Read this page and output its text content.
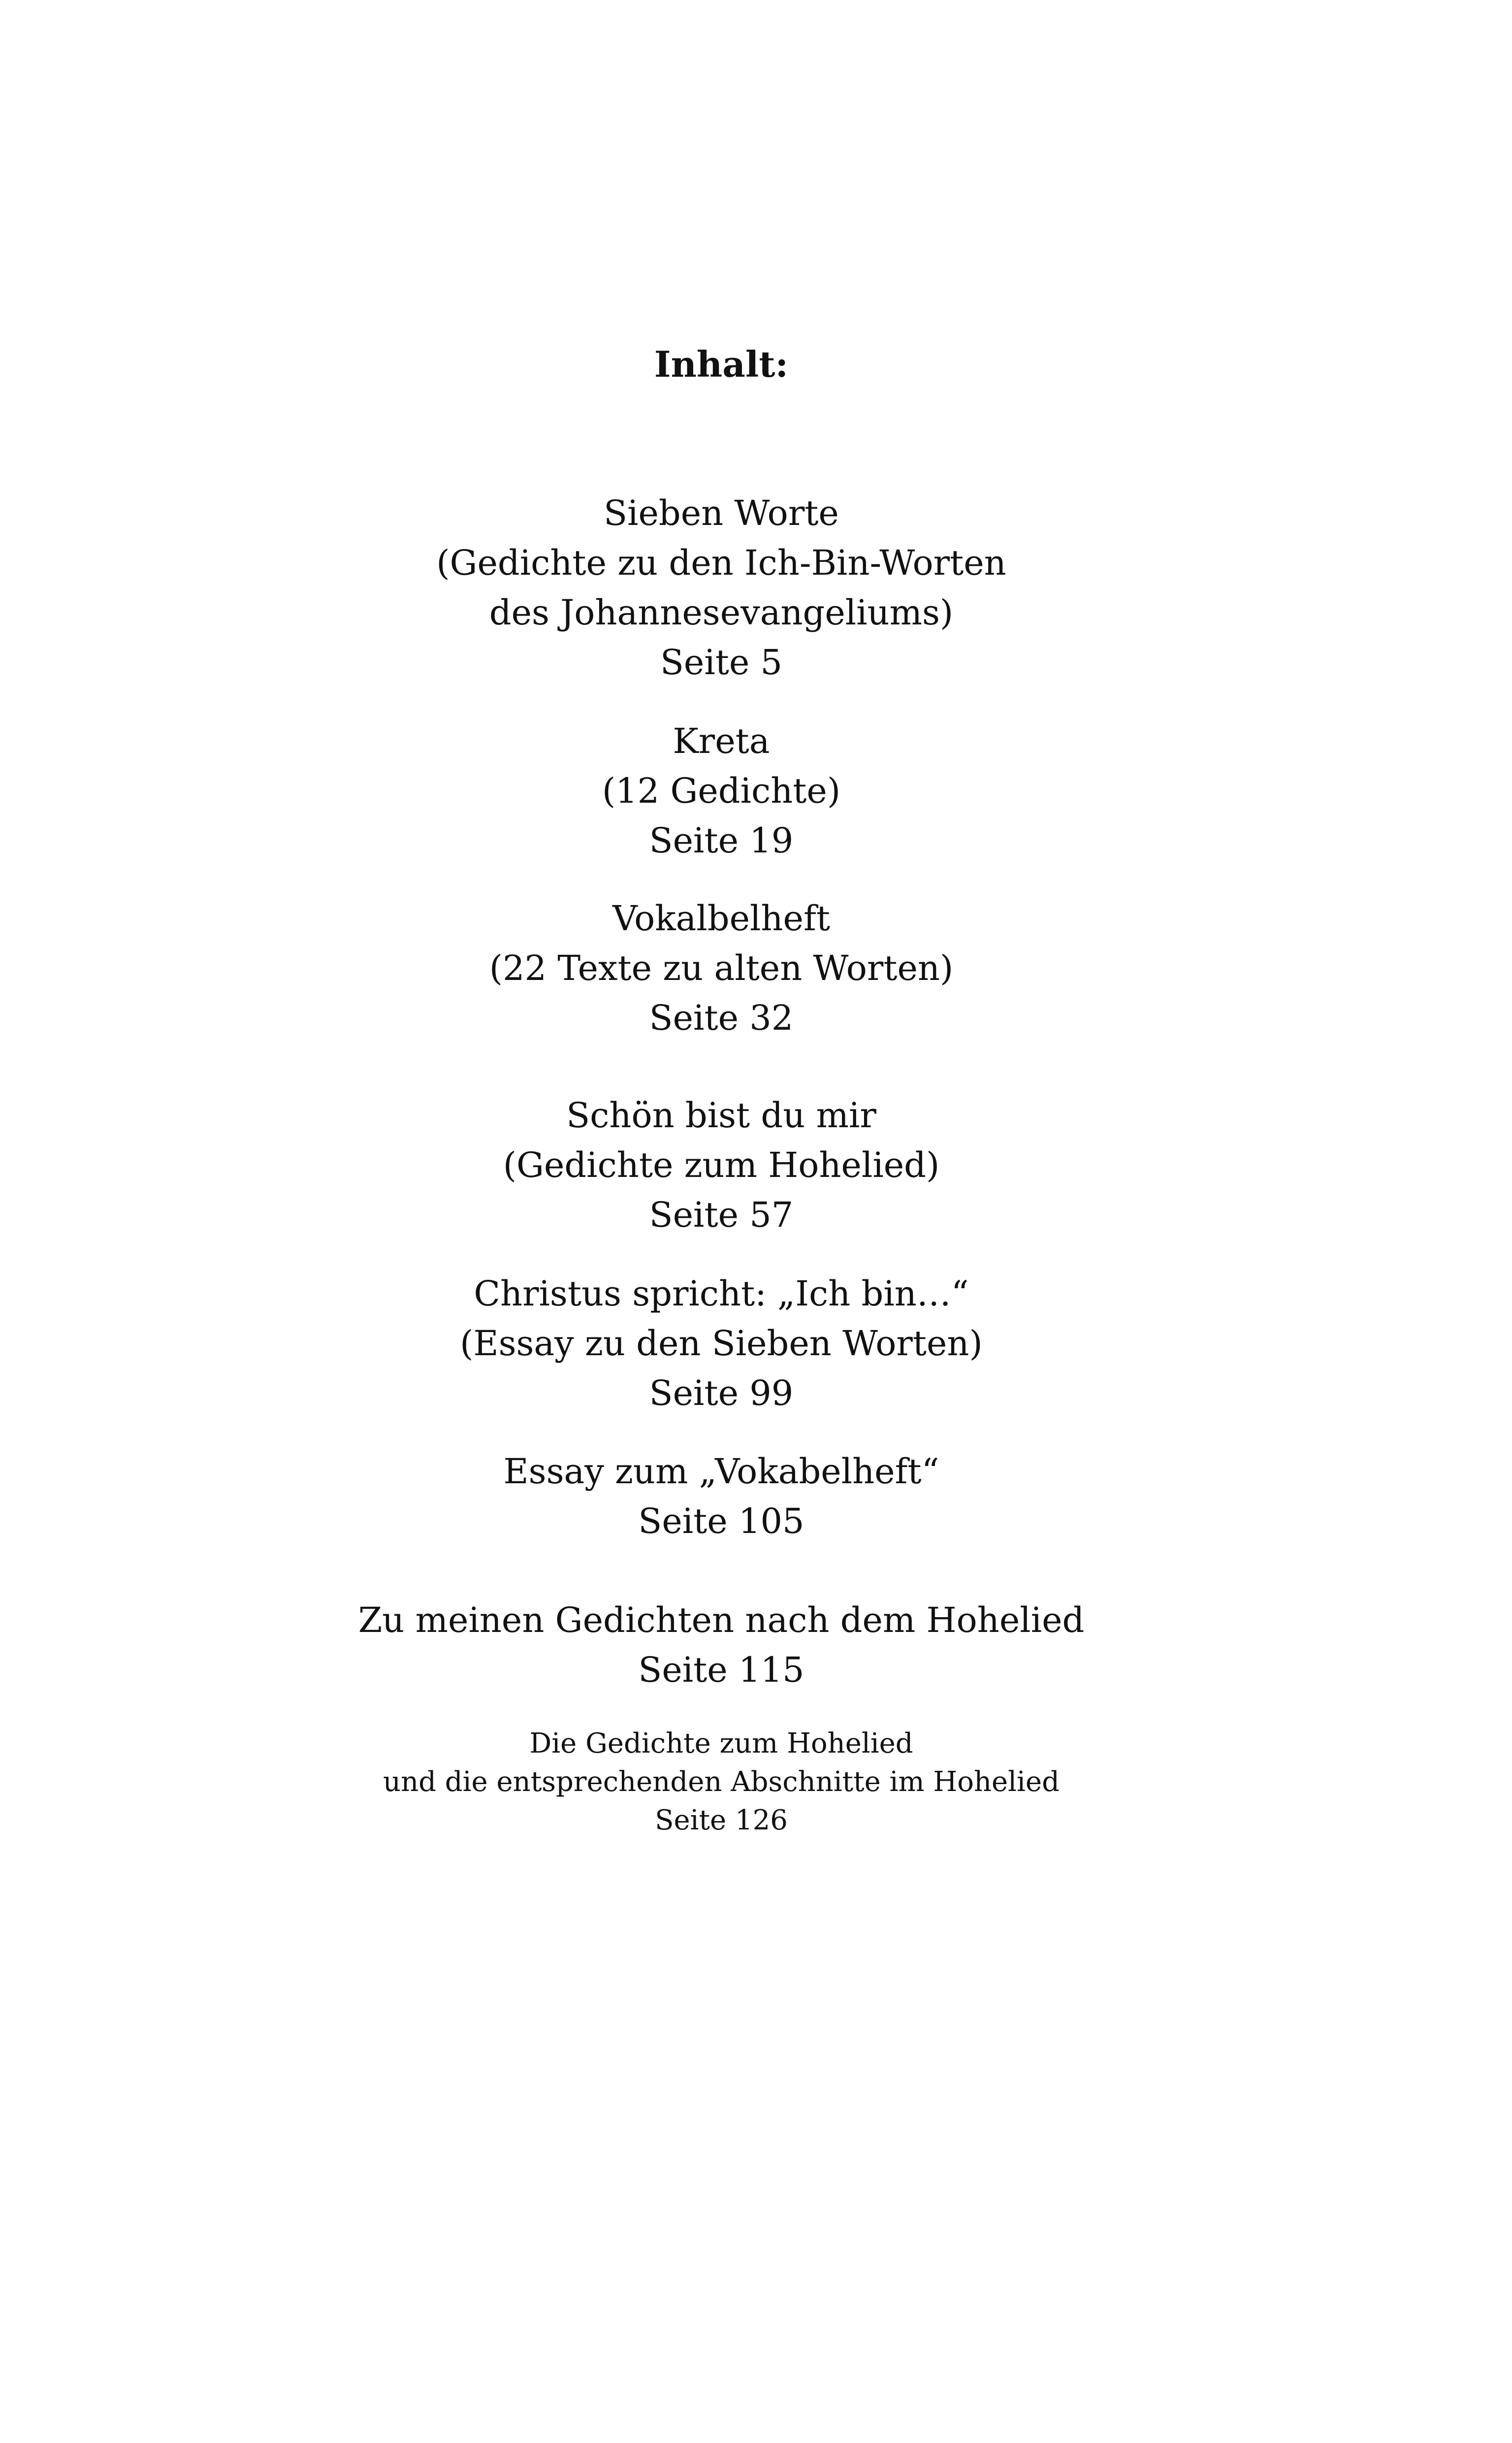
Inhalt:
Sieben Worte
(Gedichte zu den Ich-Bin-Worten
des Johannesevangeliums)
Seite 5
Kreta
(12 Gedichte)
Seite 19
Vokalbelheft
(22 Texte zu alten Worten)
Seite 32
Schön bist du mir
(Gedichte zum Hohelied)
Seite 57
Christus spricht: „Ich bin…“
(Essay zu den Sieben Worten)
Seite 99
Essay zum „Vokabelheft“
Seite 105
Zu meinen Gedichten nach dem Hohelied
Seite 115
Die Gedichte zum Hohelied
und die entsprechenden Abschnitte im Hohelied
Seite 126
